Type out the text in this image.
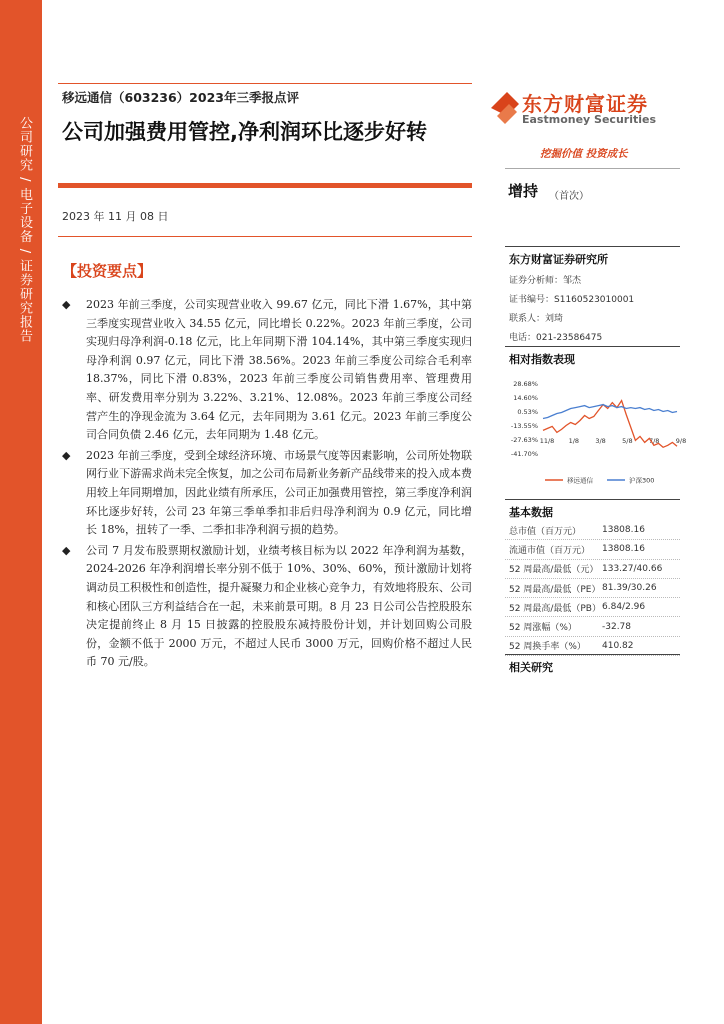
公司研究 / 电子设备 / 证券研究报告
移远通信（603236）2023年三季报点评
公司加强费用管控,净利润环比逐步好转
2023 年 11 月 08 日
【投资要点】
◆ 2023 年前三季度，公司实现营业收入 99.67 亿元，同比下滑 1.67%，其中第三季度实现营业收入 34.55 亿元，同比增长 0.22%。2023 年前三季度，公司实现归母净利润-0.18 亿元，比上年同期下滑 104.14%，其中第三季度实现归母净利润 0.97 亿元，同比下滑 38.56%。2023 年前三季度公司综合毛利率 18.37%，同比下滑 0.83%，2023 年前三季度公司销售费用率、管理费用率、研发费用率分别为 3.22%、3.21%、12.08%。2023 年前三季度公司经营产生的净现金流为 3.64 亿元，去年同期为 3.61 亿元。2023 年前三季度公司合同负债 2.46 亿元，去年同期为 1.48 亿元。
◆ 2023 年前三季度，受到全球经济环境、市场景气度等因素影响，公司所处物联网行业下游需求尚未完全恢复，加之公司布局新业务新产品线带来的投入成本费用较上年同期增加，因此业绩有所承压，公司正加强费用管控，第三季度净利润环比逐步好转，公司 23 年第三季单季扣非后归母净利润为 0.9 亿元，同比增长 18%，扭转了一季、二季扣非净利润亏损的趋势。
◆ 公司 7 月发布股票期权激励计划，业绩考核目标为以 2022 年净利润为基数，2024-2026 年净利润增长率分别不低于 10%、30%、60%，预计激励计划将调动员工积极性和创造性，提升凝聚力和企业核心竞争力，有效地将股东、公司和核心团队三方利益结合在一起，未来前景可期。8 月 23 日公司公告控股股东决定提前终止 8 月 15 日披露的控股股东减持股份计划，并计划回购公司股份，金额不低于 2000 万元，不超过人民币 3000 万元，回购价格不超过人民币 70 元/股。
东方财富证券
Eastmoney Securities
挖掘价值 投资成长
增持 （首次）
东方财富证券研究所
证券分析师：邹杰
证书编号：S1160523010001
联系人：刘琦
电话：021-23586475
相对指数表现
28.68%
14.60%
0.53%
-13.55%
-27.63%
-41.70%
11/8 1/8	3/8	5/8	7/8	9/8
移远通信	沪深300
基本数据
总市值（百万元）	13808.16
流通市值（百万元）	13808.16
52 周最高/最低（元） 133.27/40.66
52 周最高/最低（PE） 81.39/30.26
52 周最高/最低（PB） 6.84/2.96
52 周涨幅（%）	-32.78
52 周换手率（%）	410.82
相关研究
